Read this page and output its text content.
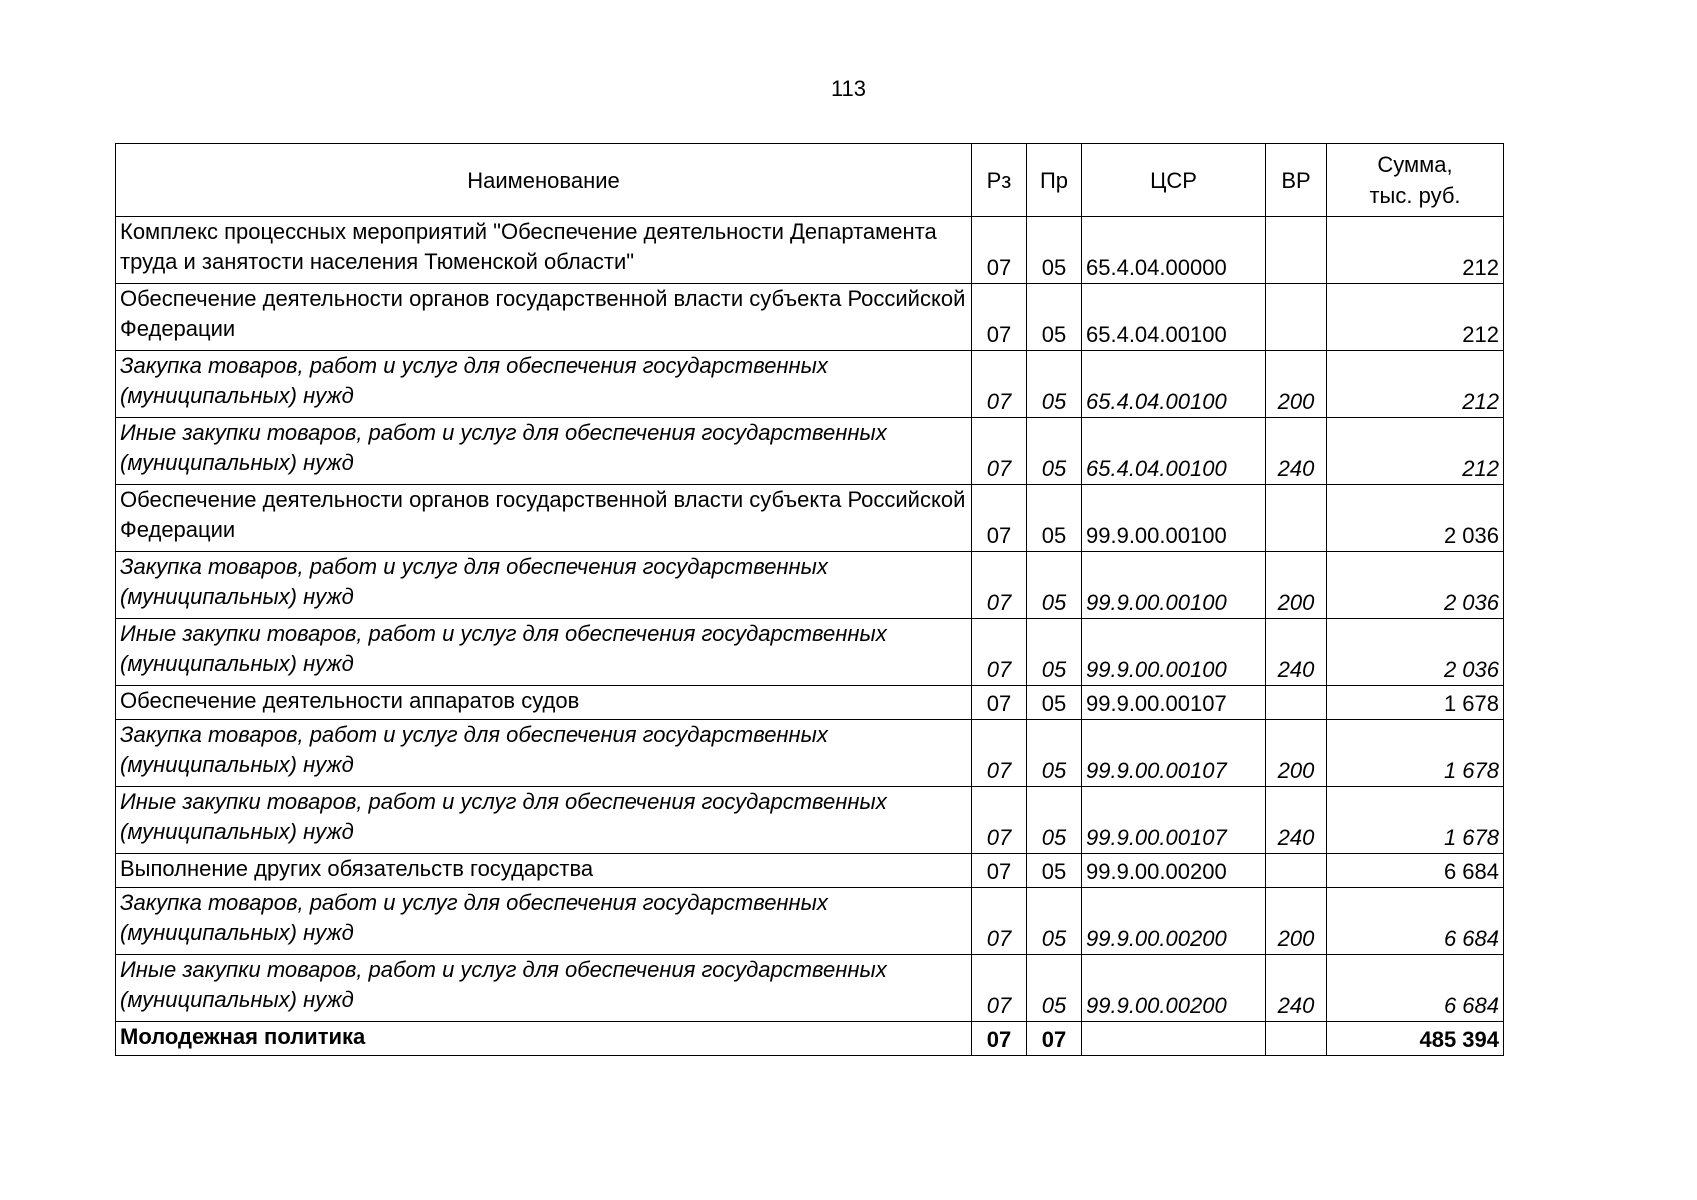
113
Наименование	Рз	Пр	ЦСР	ВР	Сумма,
тыс. руб.
Комплекс процессных мероприятий "Обеспечение деятельности Департамента труда и занятости населения Тюменской области"	07	05	65.4.04.00000		212
Обеспечение деятельности органов государственной власти субъекта Российской Федерации	07	05	65.4.04.00100		212
Закупка товаров, работ и услуг для обеспечения государственных (муниципальных) нужд	07	05	65.4.04.00100	200	212
Иные закупки товаров, работ и услуг для обеспечения государственных (муниципальных) нужд	07	05	65.4.04.00100	240	212
Обеспечение деятельности органов государственной власти субъекта Российской Федерации	07	05	99.9.00.00100		2 036
Закупка товаров, работ и услуг для обеспечения государственных (муниципальных) нужд	07	05	99.9.00.00100	200	2 036
Иные закупки товаров, работ и услуг для обеспечения государственных (муниципальных) нужд	07	05	99.9.00.00100	240	2 036
Обеспечение деятельности аппаратов судов	07	05	99.9.00.00107		1 678
Закупка товаров, работ и услуг для обеспечения государственных (муниципальных) нужд	07	05	99.9.00.00107	200	1 678
Иные закупки товаров, работ и услуг для обеспечения государственных (муниципальных) нужд	07	05	99.9.00.00107	240	1 678
Выполнение других обязательств государства	07	05	99.9.00.00200		6 684
Закупка товаров, работ и услуг для обеспечения государственных (муниципальных) нужд	07	05	99.9.00.00200	200	6 684
Иные закупки товаров, работ и услуг для обеспечения государственных (муниципальных) нужд	07	05	99.9.00.00200	240	6 684
Молодежная политика	07	07			485 394
